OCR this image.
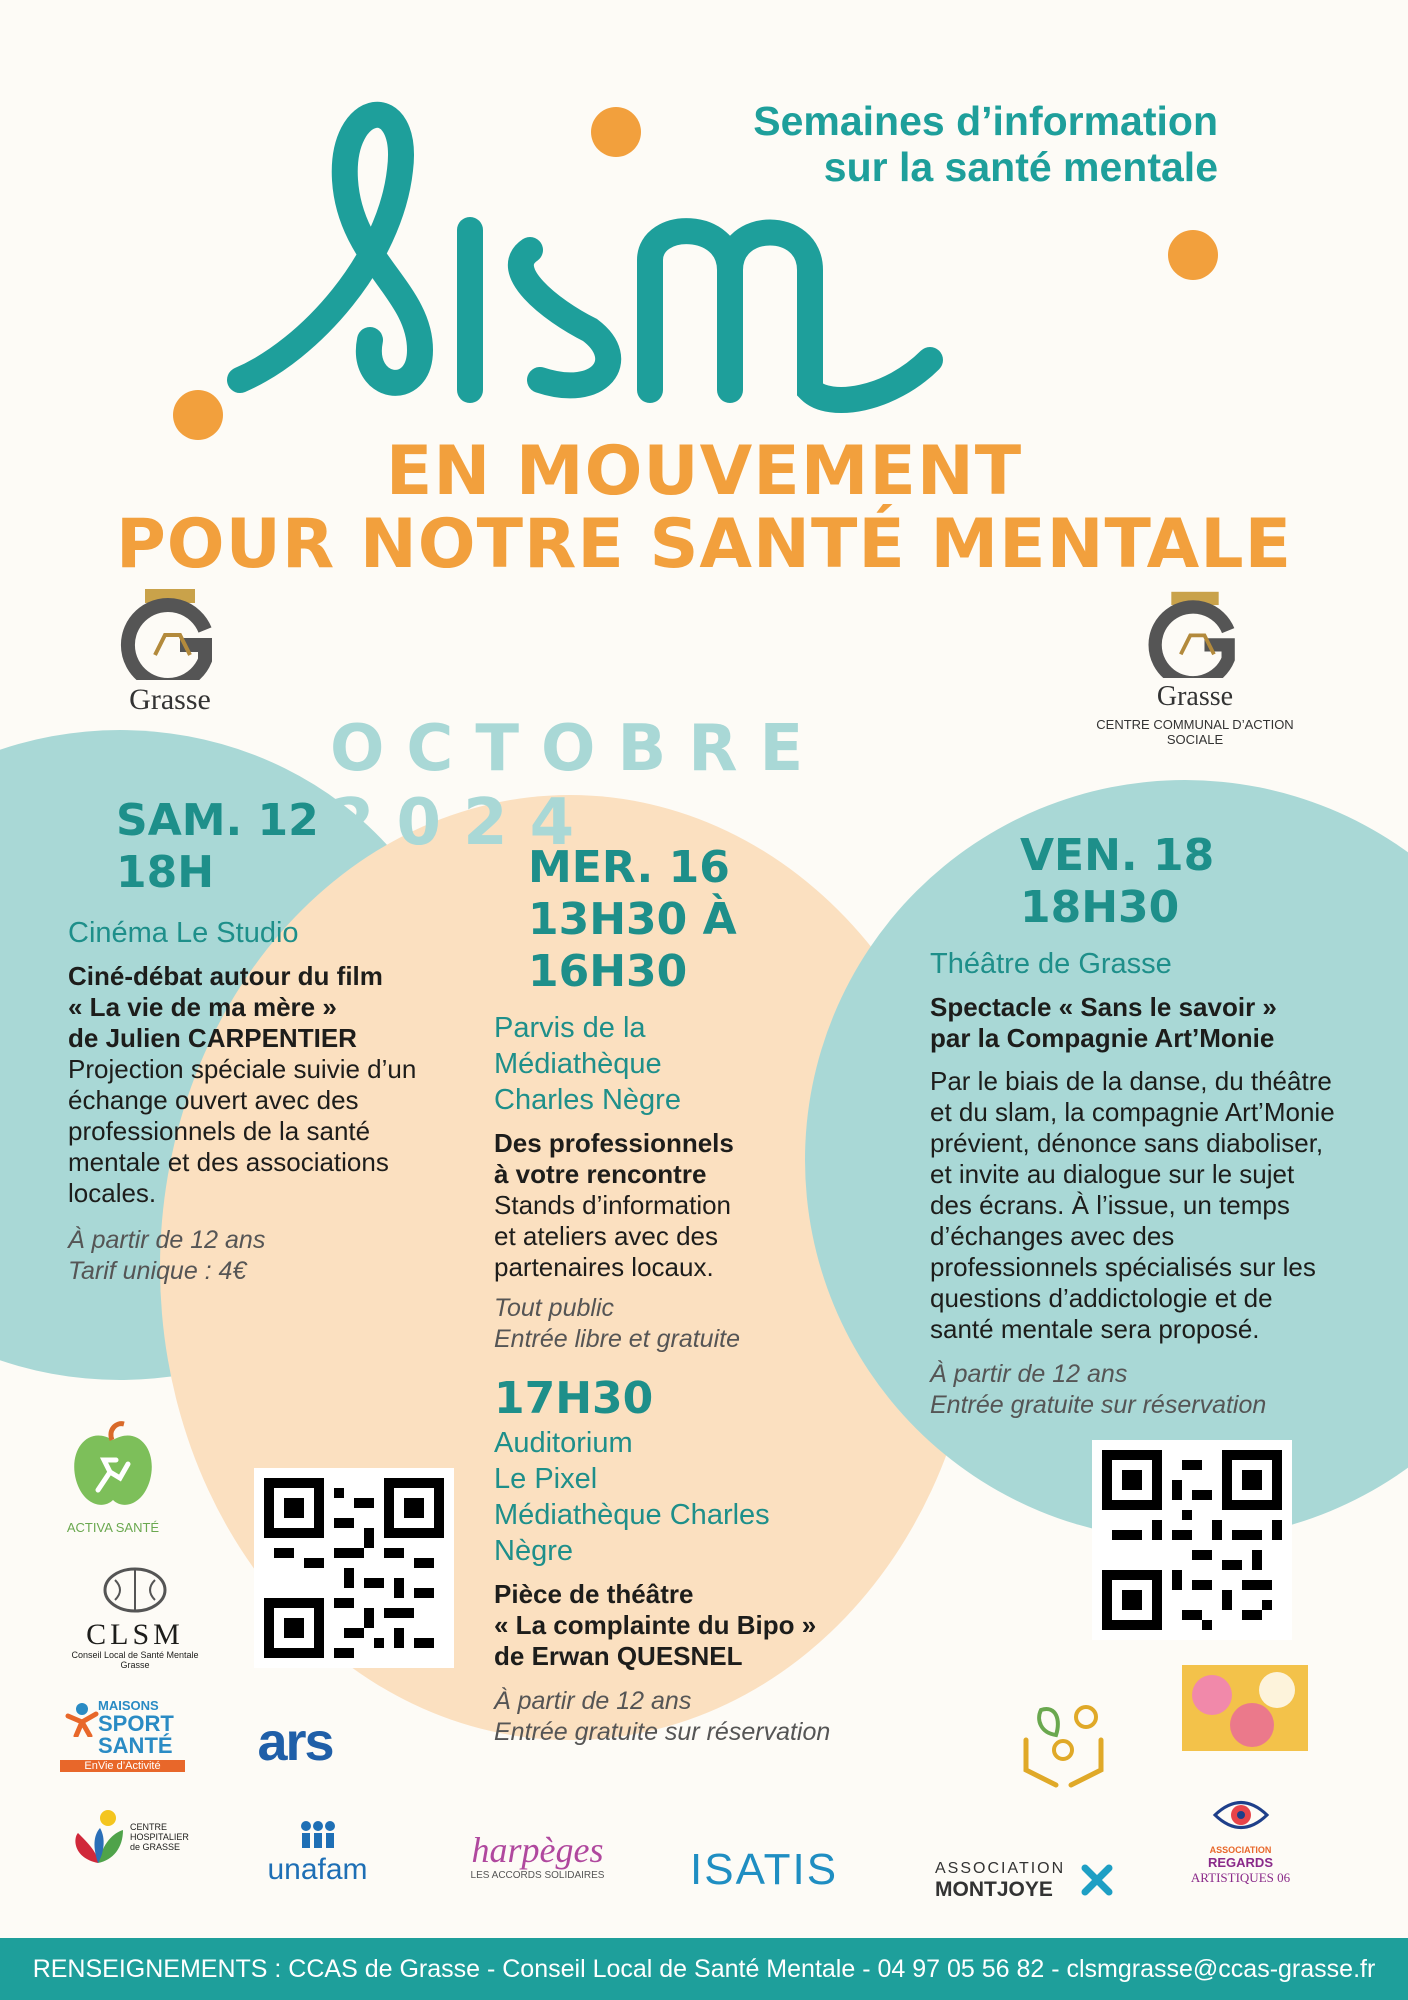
Semaines d’information
sur la santé mentale
EN MOUVEMENT
POUR NOTRE SANTÉ MENTALE
Grasse	Grasse
CENTRE COMMUNAL D’ACTION SOCIALE
OCTOBRE 2024
SAM. 12
18H
Cinéma Le Studio
Ciné-débat autour du film
« La vie de ma mère »
de Julien CARPENTIER
Projection spéciale suivie d’un échange ouvert avec des professionnels de la santé mentale et des associations locales.
À partir de 12 ans
Tarif unique : 4€
MER. 16
13H30 À 16H30
Parvis de la
Médiathèque
Charles Nègre
Des professionnels
à votre rencontre
Stands d’information et ateliers avec des partenaires locaux.
Tout public
Entrée libre et gratuite
17H30
Auditorium
Le Pixel
Médiathèque Charles
Nègre
Pièce de théâtre
« La complainte du Bipo »
de Erwan QUESNEL
À partir de 12 ans
Entrée gratuite sur réservation
VEN. 18
18H30
Théâtre de Grasse
Spectacle « Sans le savoir »
par la Compagnie Art’Monie
Par le biais de la danse, du théâtre et du slam, la compagnie Art’Monie prévient, dénonce sans diaboliser, et invite au dialogue sur le sujet des écrans. À l’issue, un temps d’échanges avec des professionnels spécialisés sur les questions d’addictologie et de santé mentale sera proposé.
À partir de 12 ans
Entrée gratuite sur réservation
ACTIVA SANTÉ
CLSM
Conseil Local de Santé Mentale
Grasse
MAISONS
SPORT
SANTÉ
EnVie d’Activité	ars
CENTRE
HOSPITALIER
de GRASSE
unafam	harpèges
LES ACCORDS SOLIDAIRES	ISATIS	ASSOCIATION
MONTJOYE
ASSOCIATION
REGARDS
ARTISTIQUES 06
RENSEIGNEMENTS : CCAS de Grasse - Conseil Local de Santé Mentale - 04 97 05 56 82 - clsmgrasse@ccas-grasse.fr
